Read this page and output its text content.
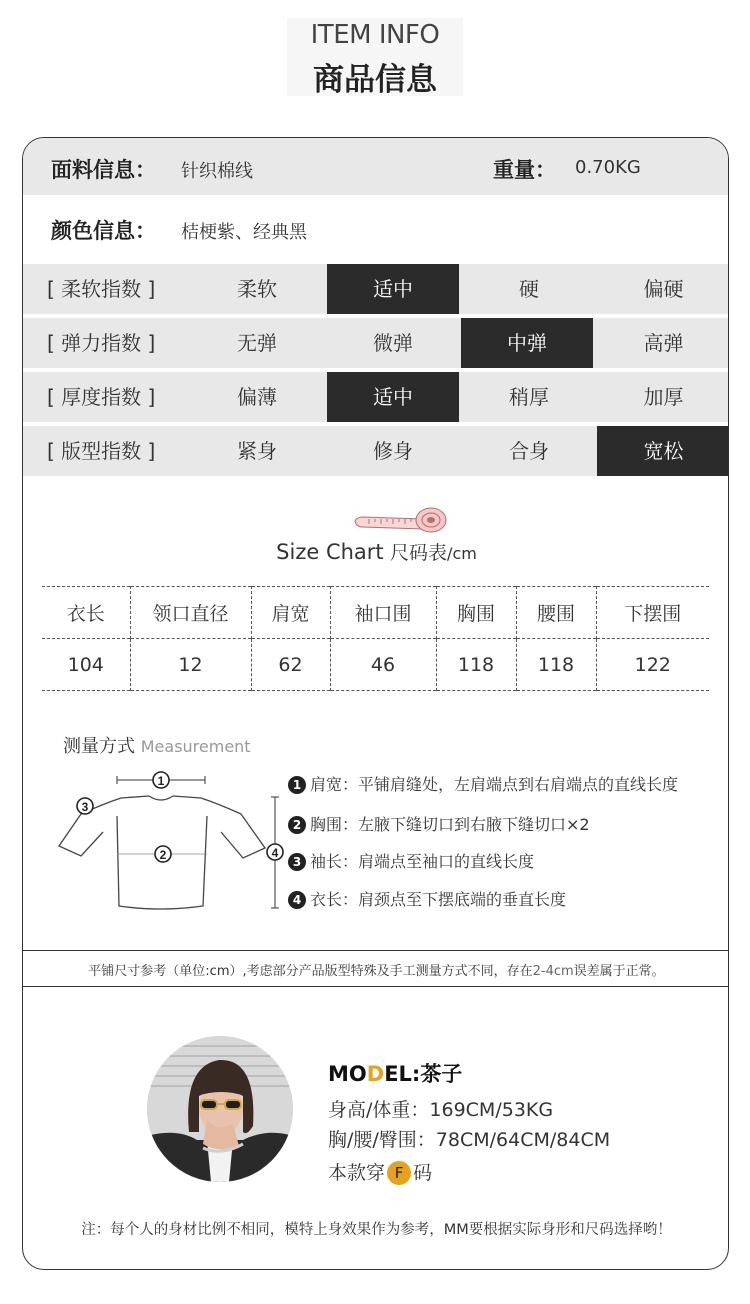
ITEM INFO
商品信息
面料信息： 针织棉线	重量： 0.70KG
颜色信息： 桔梗紫、经典黑
[ 柔软指数 ]	柔软	适中	硬	偏硬
[ 弹力指数 ]	无弹	微弹	中弹	高弹
[ 厚度指数 ]	偏薄	适中	稍厚	加厚
[ 版型指数 ]	紧身	修身	合身	宽松
Size Chart 尺码表/cm
衣长	领口直径	肩宽	袖口围	胸围	腰围	下摆围
104	12	62	46	118	118	122
测量方式 Measurement
1
2
3
4
1 肩宽：平铺肩缝处，左肩端点到右肩端点的直线长度
2 胸围：左腋下缝切口到右腋下缝切口×2
3 袖长：肩端点至袖口的直线长度
4 衣长：肩颈点至下摆底端的垂直长度
平铺尺寸参考（单位:cm）,考虑部分产品版型特殊及手工测量方式不同，存在2-4cm误差属于正常。
MODEL:茶子
身高/体重：169CM/53KG
胸/腰/臀围：78CM/64CM/84CM
本款穿 F 码
注：每个人的身材比例不相同，模特上身效果作为参考，MM要根据实际身形和尺码选择哟！
